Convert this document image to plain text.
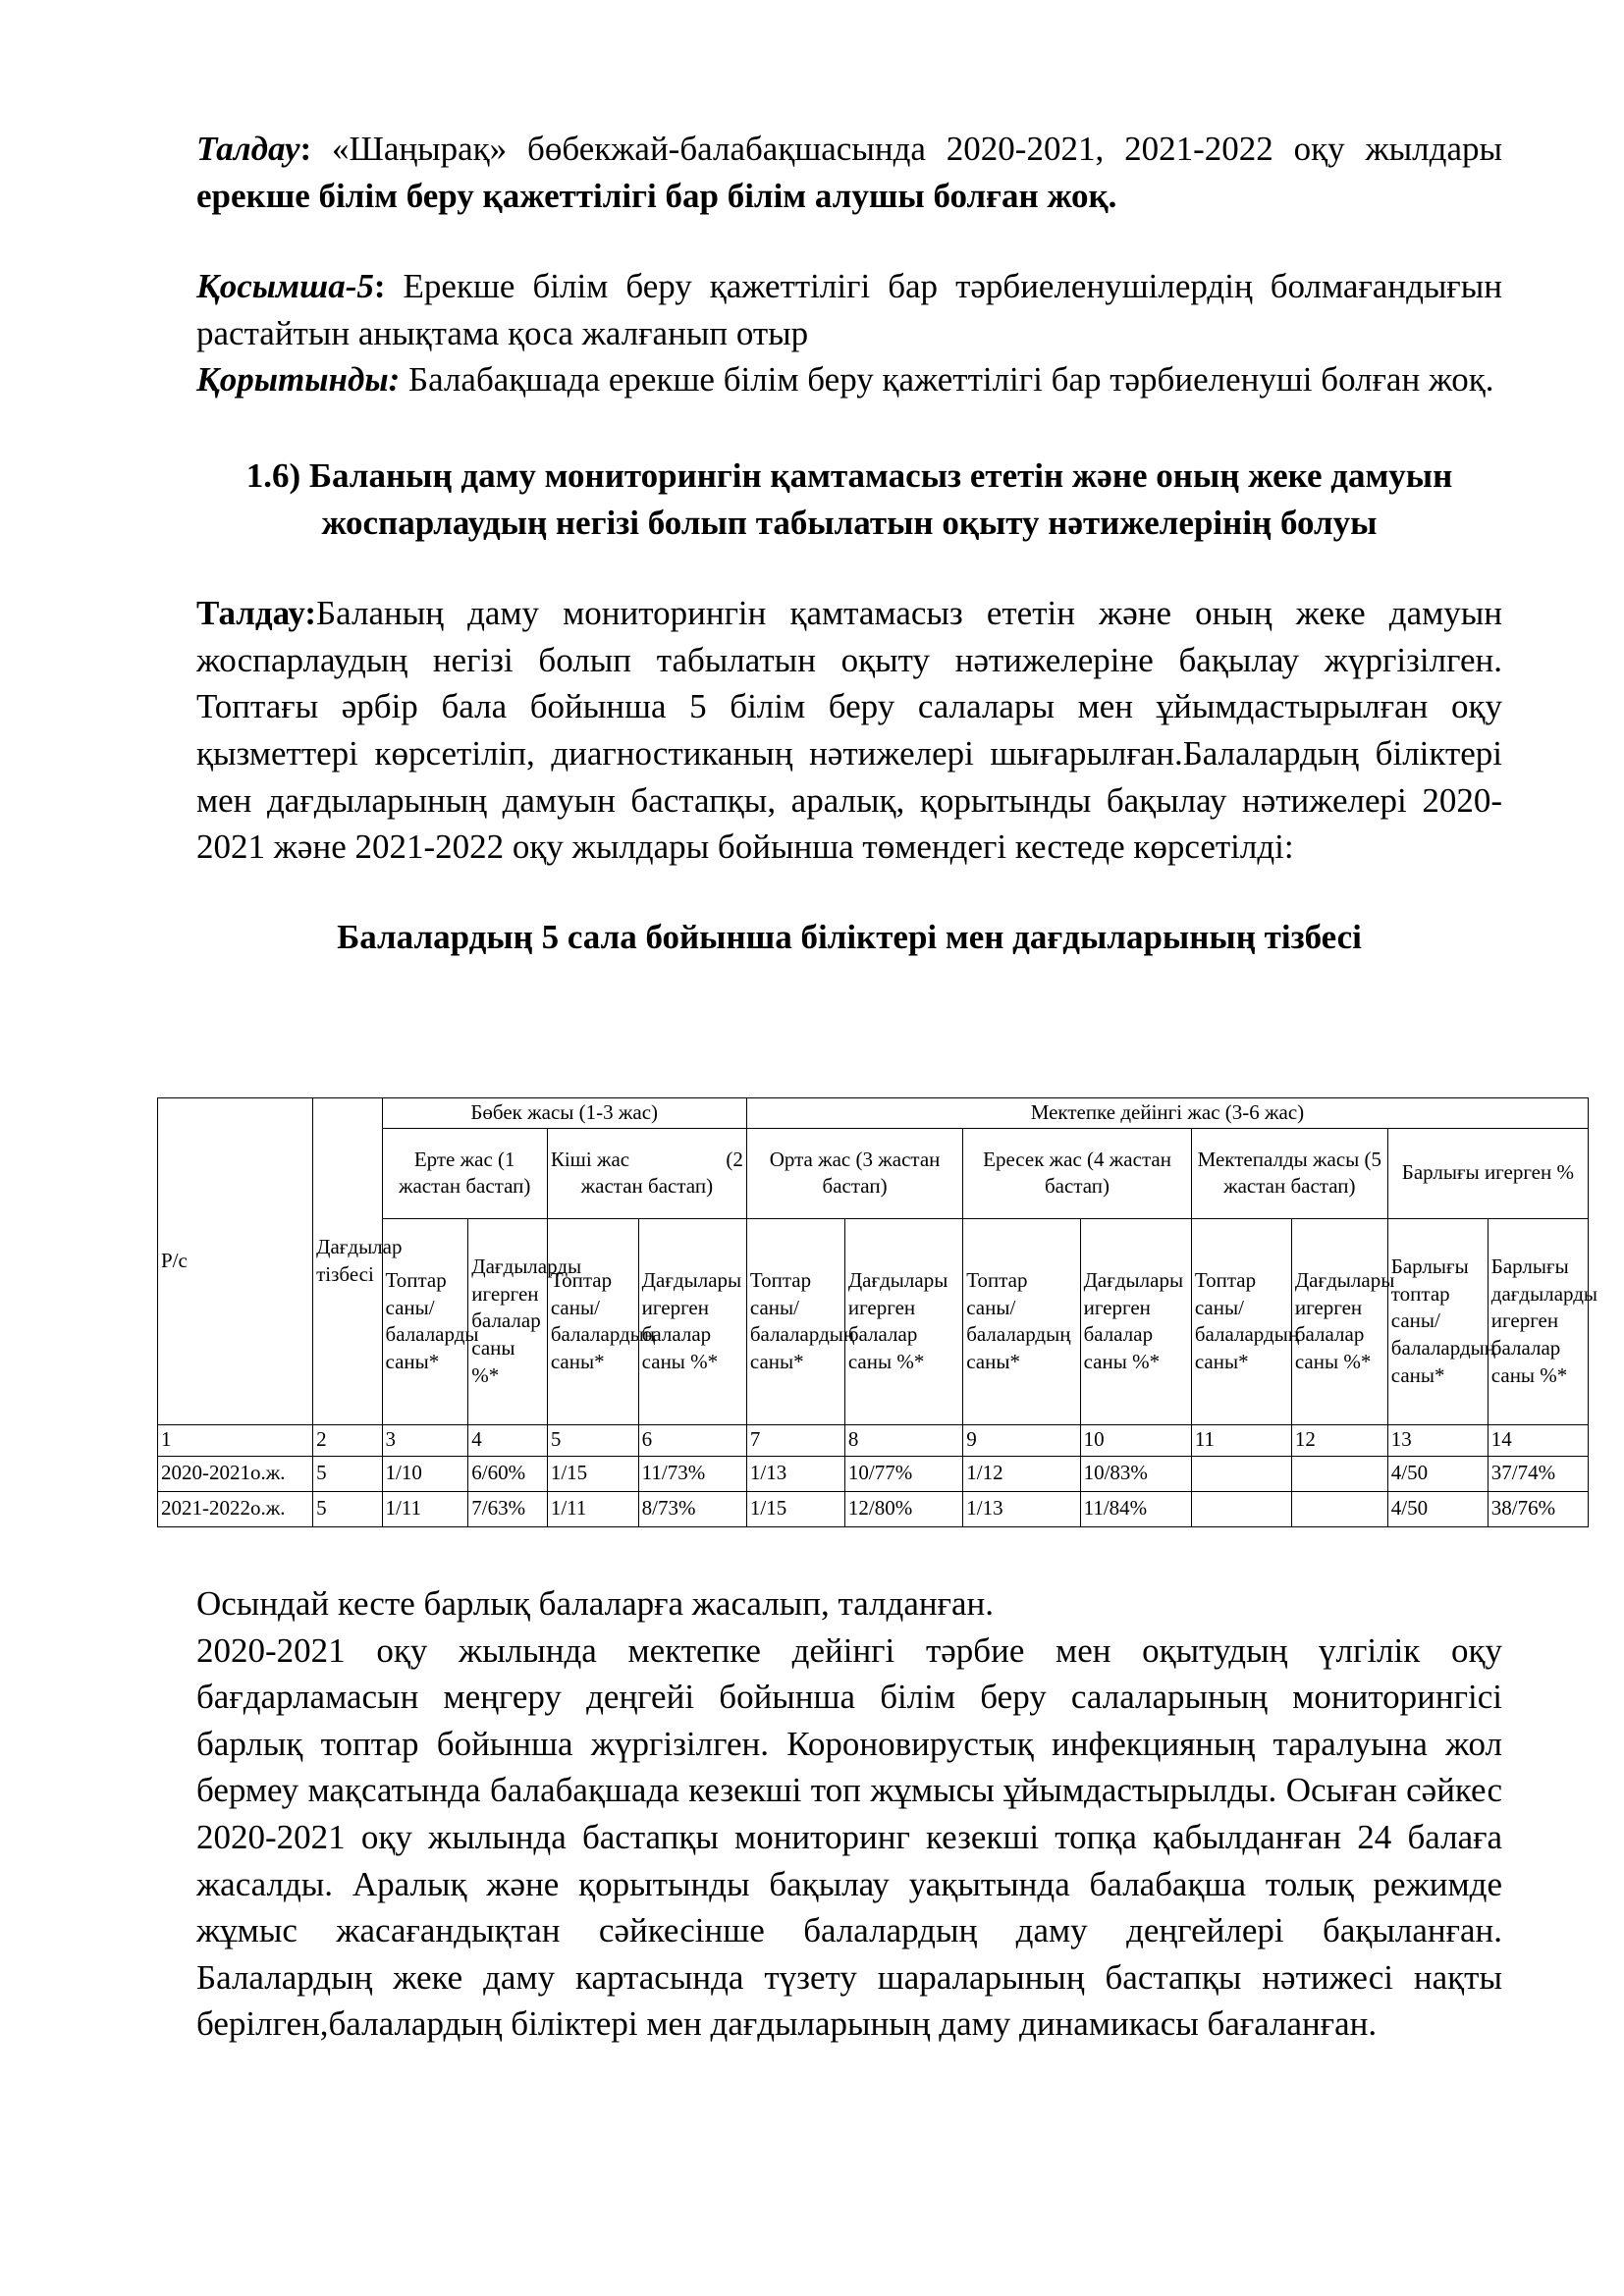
Талдау: «Шаңырақ» бөбекжай-балабақшасында 2020-2021, 2021-2022 оқу жылдары ерекше білім беру қажеттілігі бар білім алушы болған жоқ.

Қосымша-5: Ерекше білім беру қажеттілігі бар тәрбиеленушілердің болмағандығын растайтын анықтама қоса жалғанып отыр

Қорытынды: Балабақшада ерекше білім беру қажеттілігі бар тәрбиеленуші болған жоқ.

1.6) Баланың даму мониторингін қамтамасыз ететін және оның жеке дамуын жоспарлаудың негізі болып табылатын оқыту нәтижелерінің болуы

Талдау:Баланың даму мониторингін қамтамасыз ететін және оның жеке дамуын жоспарлаудың негізі болып табылатын оқыту нәтижелеріне бақылау жүргізілген. Топтағы әрбір бала бойынша 5 білім беру салалары мен ұйымдастырылған оқу қызметтері көрсетіліп, диагностиканың нәтижелері шығарылған.Балалардың біліктері мен дағдыларының дамуын бастапқы, аралық, қорытынды бақылау нәтижелері 2020-2021 және 2021-2022 оқу жылдары бойынша төмендегі кестеде көрсетілді:

Балалардың 5 сала бойынша біліктері мен дағдыларының тізбесі
Р/с	Дағдылар тізбесі	Бөбек жасы (1-3 жас)				Мектепке дейінгі жас (3-6 жас)							
		Ерте жас (1 жастан бастап)		Кіші жас (2
жастан бастап)		Орта жас (3 жастан бастап)		Ересек жас (4 жастан бастап)		Мектепалды жасы (5 жастан бастап)		Барлығы игерген %	
		Топтар саны/ балаларды саны*	Дағдыларды игерген балалар саны %*	Топтар саны/ балалардың саны*	Дағдылары игерген балалар саны %*	Топтар саны/ балалардың саны*	Дағдылары игерген балалар саны %*	Топтар саны/ балалардың саны*	Дағдылары игерген балалар саны %*	Топтар саны/ балалардың саны*	Дағдылары игерген балалар саны %*	Барлығы топтар саны/ балалардың саны*	Барлығы дағдыларды игерген балалар саны %*
1	2	3	4	5	6	7	8	9	10	11	12	13	14
2020-2021о.ж.	5	1/10	6/60%	1/15	11/73%	1/13	10/77%	1/12	10/83%			4/50	37/74%
2021-2022о.ж.	5	1/11	7/63%	1/11	8/73%	1/15	12/80%	1/13	11/84%			4/50	38/76%

Осындай кесте барлық балаларға жасалып, талданған.

2020-2021 оқу жылында мектепке дейінгі тәрбие мен оқытудың үлгілік оқу бағдарламасын меңгеру деңгейі бойынша білім беру салаларының мониторингісі барлық топтар бойынша жүргізілген. Короновирустық инфекцияның таралуына жол бермеу мақсатында балабақшада кезекші топ жұмысы ұйымдастырылды. Осыған сәйкес 2020-2021 оқу жылында бастапқы мониторинг кезекші топқа қабылданған 24 балаға жасалды. Аралық және қорытынды бақылау уақытында балабақша толық режимде жұмыс жасағандықтан сәйкесінше балалардың даму деңгейлері бақыланған. Балалардың жеке даму картасында түзету шараларының бастапқы нәтижесі нақты берілген,балалардың біліктері мен дағдыларының даму динамикасы бағаланған.
